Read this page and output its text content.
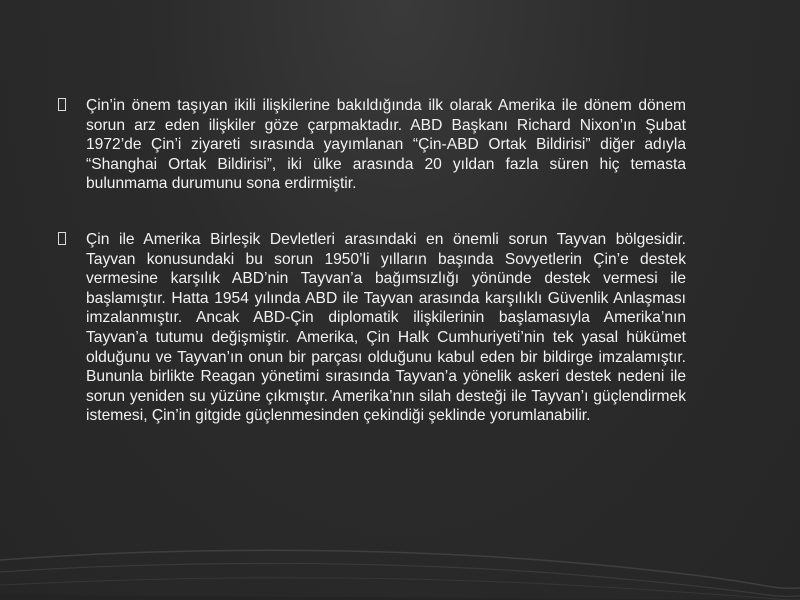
Çin’in önem taşıyan ikili ilişkilerine bakıldığında ilk olarak Amerika ile dönem dönem sorun arz eden ilişkiler göze çarpmaktadır. ABD Başkanı Richard Nixon’ın Şubat 1972’de Çin’i ziyareti sırasında yayımlanan “Çin-ABD Ortak Bildirisi” diğer adıyla “Shanghai Ortak Bildirisi”, iki ülke arasında 20 yıldan fazla süren hiç temasta bulunmama durumunu sona erdirmiştir.

Çin ile Amerika Birleşik Devletleri arasındaki en önemli sorun Tayvan bölgesidir. Tayvan konusundaki bu sorun 1950’li yılların başında Sovyetlerin Çin’e destek vermesine karşılık ABD’nin Tayvan’a bağımsızlığı yönünde destek vermesi ile başlamıştır. Hatta 1954 yılında ABD ile Tayvan arasında karşılıklı Güvenlik Anlaşması imzalanmıştır. Ancak ABD-Çin diplomatik ilişkilerinin başlamasıyla Amerika’nın Tayvan’a tutumu değişmiştir. Amerika, Çin Halk Cumhuriyeti’nin tek yasal hükümet olduğunu ve Tayvan’ın onun bir parçası olduğunu kabul eden bir bildirge imzalamıştır. Bununla birlikte Reagan yönetimi sırasında Tayvan’a yönelik askeri destek nedeni ile sorun yeniden su yüzüne çıkmıştır. Amerika’nın silah desteği ile Tayvan’ı güçlendirmek istemesi, Çin’in gitgide güçlenmesinden çekindiği şeklinde yorumlanabilir.
